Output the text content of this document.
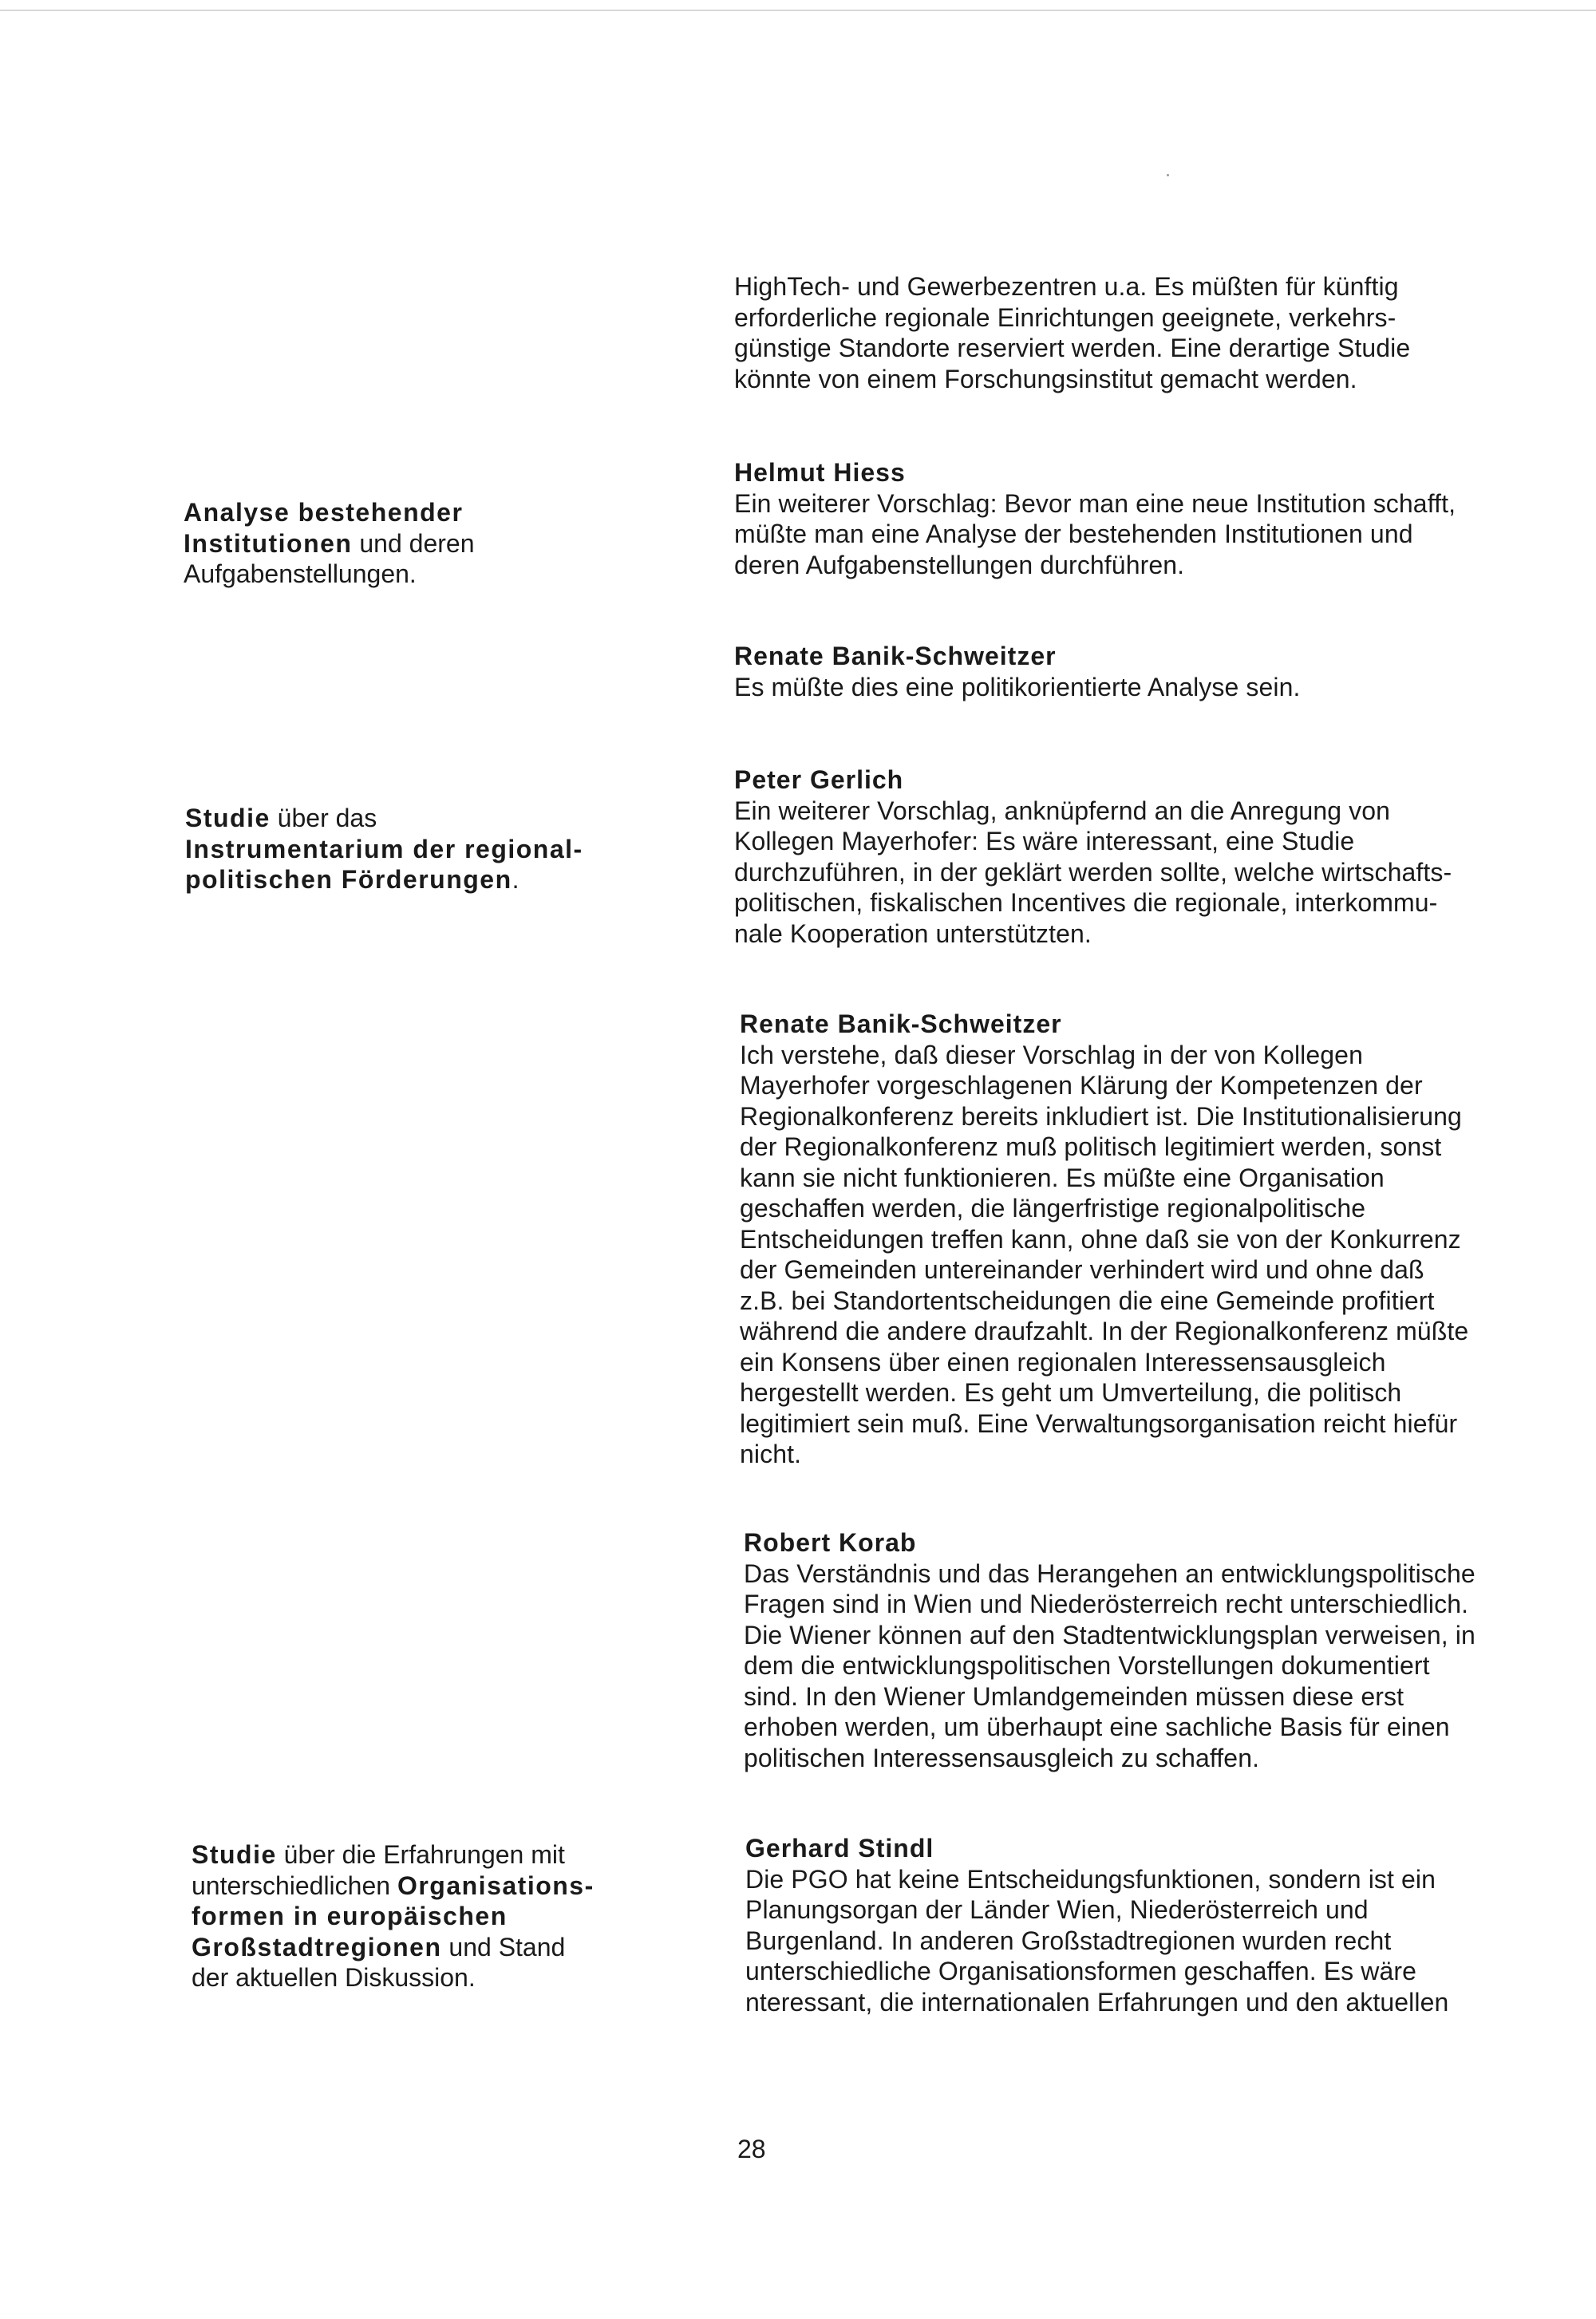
HighTech- und Gewerbezentren u.a. Es müßten für künftig
erforderliche regionale Einrichtungen geeignete, verkehrs-
günstige Standorte reserviert werden. Eine derartige Studie
könnte von einem Forschungsinstitut gemacht werden.
Helmut Hiess
Ein weiterer Vorschlag: Bevor man eine neue Institution schafft,
müßte man eine Analyse der bestehenden Institutionen und
deren Aufgabenstellungen durchführen.
Renate Banik-Schweitzer
Es müßte dies eine politikorientierte Analyse sein.
Peter Gerlich
Ein weiterer Vorschlag, anknüpfernd an die Anregung von
Kollegen Mayerhofer: Es wäre interessant, eine Studie
durchzuführen, in der geklärt werden sollte, welche wirtschafts-
politischen, fiskalischen Incentives die regionale, interkommu-
nale Kooperation unterstützten.
Renate Banik-Schweitzer
Ich verstehe, daß dieser Vorschlag in der von Kollegen
Mayerhofer vorgeschlagenen Klärung der Kompetenzen der
Regionalkonferenz bereits inkludiert ist. Die Institutionalisierung
der Regionalkonferenz muß politisch legitimiert werden, sonst
kann sie nicht funktionieren. Es müßte eine Organisation
geschaffen werden, die längerfristige regionalpolitische
Entscheidungen treffen kann, ohne daß sie von der Konkurrenz
der Gemeinden untereinander verhindert wird und ohne daß
z.B. bei Standortentscheidungen die eine Gemeinde profitiert
während die andere draufzahlt. In der Regionalkonferenz müßte
ein Konsens über einen regionalen Interessensausgleich
hergestellt werden. Es geht um Umverteilung, die politisch
legitimiert sein muß. Eine Verwaltungsorganisation reicht hiefür
nicht.
Robert Korab
Das Verständnis und das Herangehen an entwicklungspolitische
Fragen sind in Wien und Niederösterreich recht unterschiedlich.
Die Wiener können auf den Stadtentwicklungsplan verweisen, in
dem die entwicklungspolitischen Vorstellungen dokumentiert
sind. In den Wiener Umlandgemeinden müssen diese erst
erhoben werden, um überhaupt eine sachliche Basis für einen
politischen Interessensausgleich zu schaffen.
Gerhard Stindl
Die PGO hat keine Entscheidungsfunktionen, sondern ist ein
Planungsorgan der Länder Wien, Niederösterreich und
Burgenland. In anderen Großstadtregionen wurden recht
unterschiedliche Organisationsformen geschaffen. Es wäre
nteressant, die internationalen Erfahrungen und den aktuellen
Analyse bestehender
Institutionen und deren
Aufgabenstellungen.
Studie über das
Instrumentarium der regional-
politischen Förderungen.
Studie über die Erfahrungen mit
unterschiedlichen Organisations-
formen in europäischen
Großstadtregionen und Stand
der aktuellen Diskussion.
28
